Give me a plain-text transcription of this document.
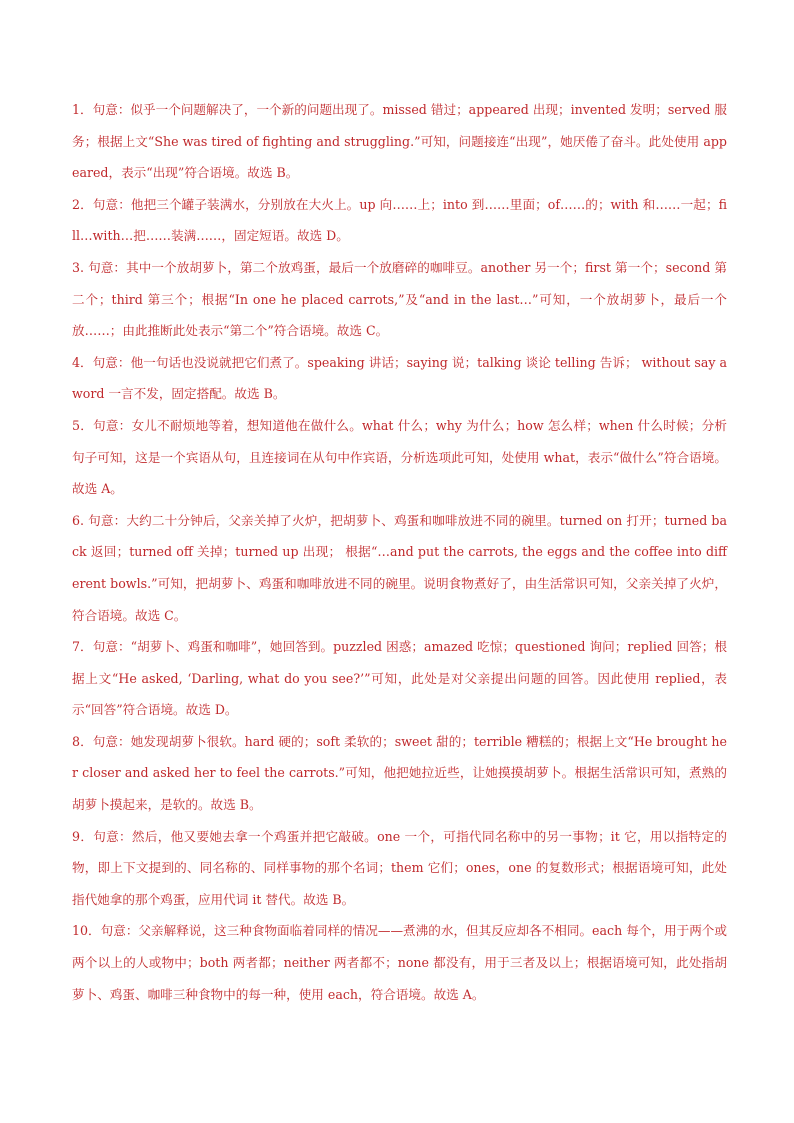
1．句意：似乎一个问题解决了，一个新的问题出现了。missed 错过；appeared 出现；invented 发明；served 服务；根据上文“She was tired of fighting and struggling.”可知，问题接连“出现”，她厌倦了奋斗。此处使用 appeared，表示“出现”符合语境。故选 B。

2．句意：他把三个罐子装满水，分别放在大火上。up 向……上；into 到……里面；of……的；with 和……一起；fill…with…把……装满……，固定短语。故选 D。

3. 句意：其中一个放胡萝卜，第二个放鸡蛋，最后一个放磨碎的咖啡豆。another 另一个；first 第一个；second 第二个；third 第三个；根据“In one he placed carrots,”及“and in the last…”可知，一个放胡萝卜，最后一个放……；由此推断此处表示“第二个”符合语境。故选 C。

4．句意：他一句话也没说就把它们煮了。speaking 讲话；saying 说；talking 谈论 telling 告诉； without say a word 一言不发，固定搭配。故选 B。

5．句意：女儿不耐烦地等着，想知道他在做什么。what 什么；why 为什么；how 怎么样；when 什么时候；分析句子可知，这是一个宾语从句，且连接词在从句中作宾语，分析选项此可知，处使用 what，表示“做什么”符合语境。故选 A。

6. 句意：大约二十分钟后，父亲关掉了火炉，把胡萝卜、鸡蛋和咖啡放进不同的碗里。turned on 打开；turned back 返回；turned off 关掉；turned up 出现； 根据“…and put the carrots, the eggs and the coffee into different bowls.”可知，把胡萝卜、鸡蛋和咖啡放进不同的碗里。说明食物煮好了，由生活常识可知，父亲关掉了火炉，符合语境。故选 C。

7．句意：“胡萝卜、鸡蛋和咖啡”，她回答到。puzzled 困惑；amazed 吃惊；questioned 询问；replied 回答；根据上文“He asked, ‘Darling, what do you see?’”可知，此处是对父亲提出问题的回答。因此使用 replied，表示“回答”符合语境。故选 D。

8．句意：她发现胡萝卜很软。hard 硬的；soft 柔软的；sweet 甜的；terrible 糟糕的；根据上文“He brought her closer and asked her to feel the carrots.”可知，他把她拉近些，让她摸摸胡萝卜。根据生活常识可知，煮熟的胡萝卜摸起来，是软的。故选 B。

9．句意：然后，他又要她去拿一个鸡蛋并把它敲破。one 一个，可指代同名称中的另一事物；it 它，用以指特定的物，即上下文提到的、同名称的、同样事物的那个名词；them 它们；ones，one 的复数形式；根据语境可知，此处指代她拿的那个鸡蛋，应用代词 it 替代。故选 B。

10．句意：父亲解释说，这三种食物面临着同样的情况——煮沸的水，但其反应却各不相同。each 每个，用于两个或两个以上的人或物中；both 两者都；neither 两者都不；none 都没有，用于三者及以上；根据语境可知，此处指胡萝卜、鸡蛋、咖啡三种食物中的每一种，使用 each，符合语境。故选 A。
